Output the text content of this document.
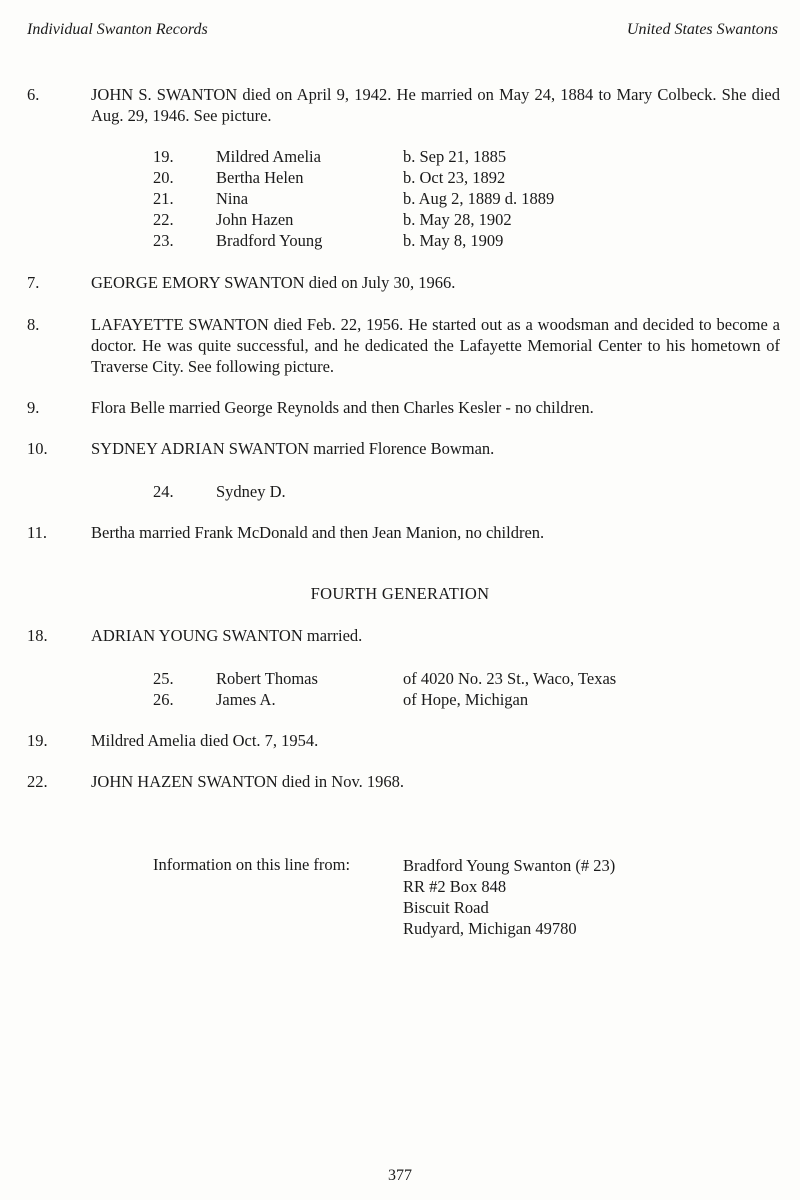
Individual Swanton Records	United States Swantons
6.	JOHN S. SWANTON died on April 9, 1942. He married on May 24, 1884 to Mary Colbeck. She died Aug. 29, 1946. See picture.
19.	Mildred Amelia	b. Sep 21, 1885
20.	Bertha Helen	b. Oct 23, 1892
21.	Nina	b. Aug 2, 1889 d. 1889
22.	John Hazen	b. May 28, 1902
23.	Bradford Young	b. May 8, 1909
7.	GEORGE EMORY SWANTON died on July 30, 1966.
8.	LAFAYETTE SWANTON died Feb. 22, 1956. He started out as a woodsman and decided to become a doctor. He was quite successful, and he dedicated the Lafayette Memorial Center to his hometown of Traverse City. See following picture.
9.	Flora Belle married George Reynolds and then Charles Kesler - no children.
10.	SYDNEY ADRIAN SWANTON married Florence Bowman.
24.	Sydney D.
11.	Bertha married Frank McDonald and then Jean Manion, no children.
FOURTH GENERATION
18.	ADRIAN YOUNG SWANTON married.
25.	Robert Thomas	of 4020 No. 23 St., Waco, Texas
26.	James A.	of Hope, Michigan
19.	Mildred Amelia died Oct. 7, 1954.
22.	JOHN HAZEN SWANTON died in Nov. 1968.
Information on this line from:	Bradford Young Swanton (# 23)
RR #2 Box 848
Biscuit Road
Rudyard, Michigan 49780
377
